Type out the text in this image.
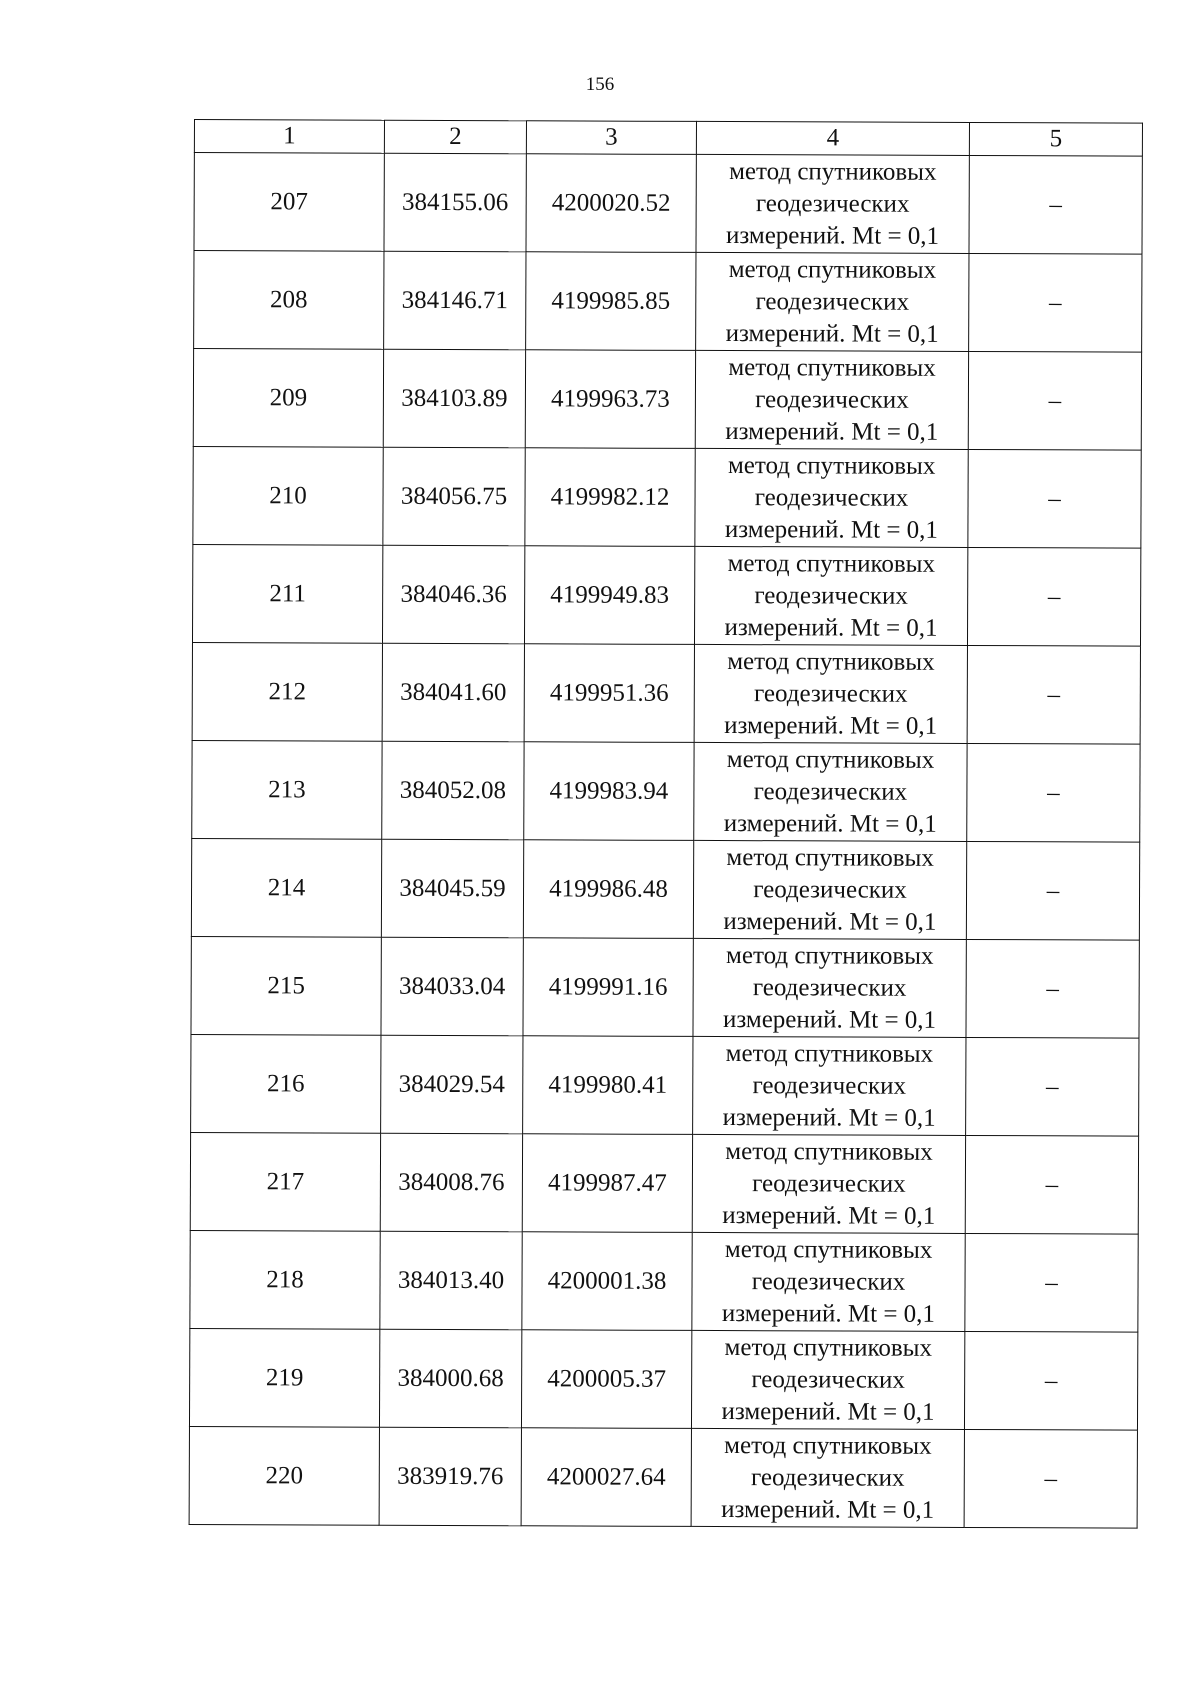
156
1	2	3	4	5
207	384155.06	4200020.52	метод спутниковых
геодезических
измерений. Mt = 0,1	–
208	384146.71	4199985.85	метод спутниковых
геодезических
измерений. Mt = 0,1	–
209	384103.89	4199963.73	метод спутниковых
геодезических
измерений. Mt = 0,1	–
210	384056.75	4199982.12	метод спутниковых
геодезических
измерений. Mt = 0,1	–
211	384046.36	4199949.83	метод спутниковых
геодезических
измерений. Mt = 0,1	–
212	384041.60	4199951.36	метод спутниковых
геодезических
измерений. Mt = 0,1	–
213	384052.08	4199983.94	метод спутниковых
геодезических
измерений. Mt = 0,1	–
214	384045.59	4199986.48	метод спутниковых
геодезических
измерений. Mt = 0,1	–
215	384033.04	4199991.16	метод спутниковых
геодезических
измерений. Mt = 0,1	–
216	384029.54	4199980.41	метод спутниковых
геодезических
измерений. Mt = 0,1	–
217	384008.76	4199987.47	метод спутниковых
геодезических
измерений. Mt = 0,1	–
218	384013.40	4200001.38	метод спутниковых
геодезических
измерений. Mt = 0,1	–
219	384000.68	4200005.37	метод спутниковых
геодезических
измерений. Mt = 0,1	–
220	383919.76	4200027.64	метод спутниковых
геодезических
измерений. Mt = 0,1	–
